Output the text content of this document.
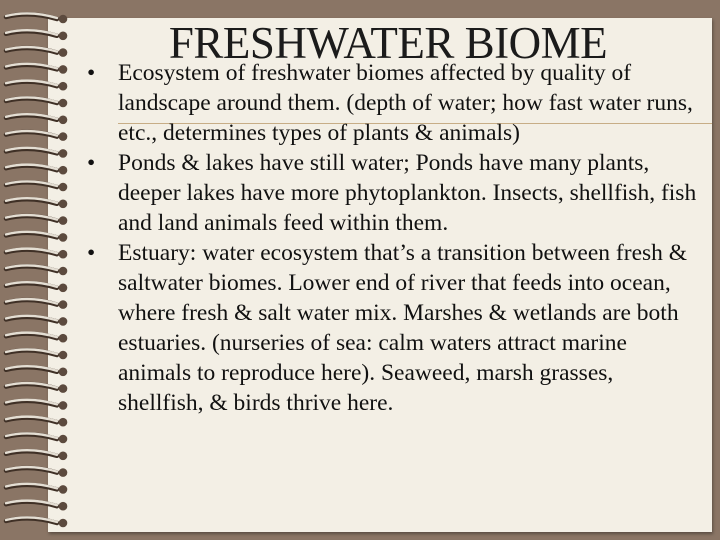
FRESHWATER BIOME
• Ecosystem of freshwater biomes affected by quality of landscape around them. (depth of water; how fast water runs, etc., determines types of plants & animals)
• Ponds & lakes have still water; Ponds have many plants, deeper lakes have more phytoplankton. Insects, shellfish, fish and land animals feed within them.
• Estuary: water ecosystem that’s a transition between fresh & saltwater biomes. Lower end of river that feeds into ocean, where fresh & salt water mix. Marshes & wetlands are both estuaries. (nurseries of sea: calm waters attract marine animals to reproduce here). Seaweed, marsh grasses, shellfish, & birds thrive here.
